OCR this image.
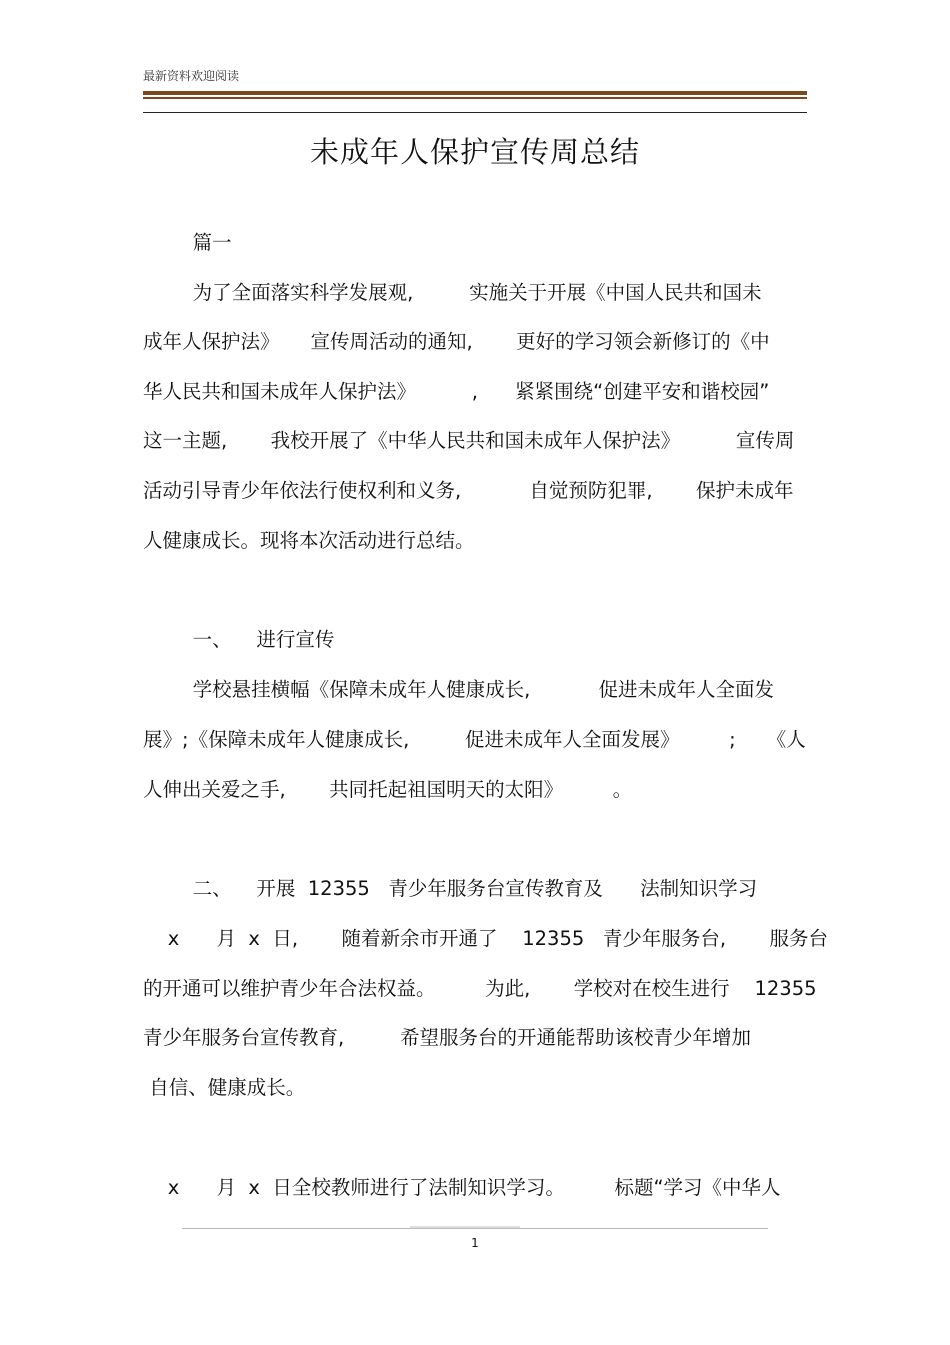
最新资料欢迎阅读
未成年人保护宣传周总结
篇一
为了全面落实科学发展观,         实施关于开展《中国人民共和国未
成年人保护法》     宣传周活动的通知,       更好的学习领会新修订的《中
华人民共和国未成年人保护法》         ,      紧紧围绕“创建平安和谐校园”
这一主题,       我校开展了《中华人民共和国未成年人保护法》         宣传周
活动引导青少年依法行使权利和义务,           自觉预防犯罪,       保护未成年
人健康成长。现将本次活动进行总结。
一、    进行宣传
学校悬挂横幅《保障未成年人健康成长,           促进未成年人全面发
展》;《保障未成年人健康成长,         促进未成年人全面发展》        ;     《人
人伸出关爱之手,       共同托起祖国明天的太阳》        。
二、    开展  12355   青少年服务台宣传教育及      法制知识学习
x      月  x  日,       随着新余市开通了    12355   青少年服务台,       服务台
的开通可以维护青少年合法权益。        为此,       学校对在校生进行    12355
青少年服务台宣传教育,         希望服务台的开通能帮助该校青少年增加
自信、健康成长。
x      月  x  日全校教师进行了法制知识学习。        标题“学习《中华人
1
